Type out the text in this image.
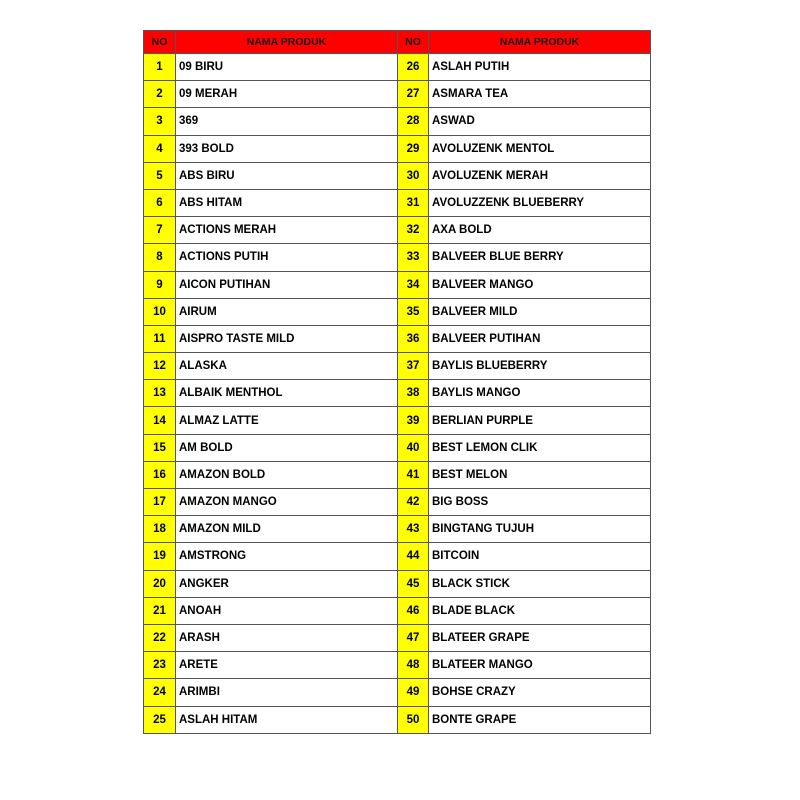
NO	NAMA PRODUK	NO	NAMA PRODUK
1	09 BIRU	26	ASLAH PUTIH
2	09 MERAH	27	ASMARA TEA
3	369	28	ASWAD
4	393 BOLD	29	AVOLUZENK MENTOL
5	ABS BIRU	30	AVOLUZENK MERAH
6	ABS HITAM	31	AVOLUZZENK BLUEBERRY
7	ACTIONS MERAH	32	AXA BOLD
8	ACTIONS PUTIH	33	BALVEER BLUE BERRY
9	AICON PUTIHAN	34	BALVEER MANGO
10	AIRUM	35	BALVEER MILD
11	AISPRO TASTE MILD	36	BALVEER PUTIHAN
12	ALASKA	37	BAYLIS BLUEBERRY
13	ALBAIK MENTHOL	38	BAYLIS MANGO
14	ALMAZ LATTE	39	BERLIAN PURPLE
15	AM BOLD	40	BEST LEMON CLIK
16	AMAZON BOLD	41	BEST MELON
17	AMAZON MANGO	42	BIG BOSS
18	AMAZON MILD	43	BINGTANG TUJUH
19	AMSTRONG	44	BITCOIN
20	ANGKER	45	BLACK STICK
21	ANOAH	46	BLADE BLACK
22	ARASH	47	BLATEER GRAPE
23	ARETE	48	BLATEER MANGO
24	ARIMBI	49	BOHSE CRAZY
25	ASLAH HITAM	50	BONTE GRAPE
